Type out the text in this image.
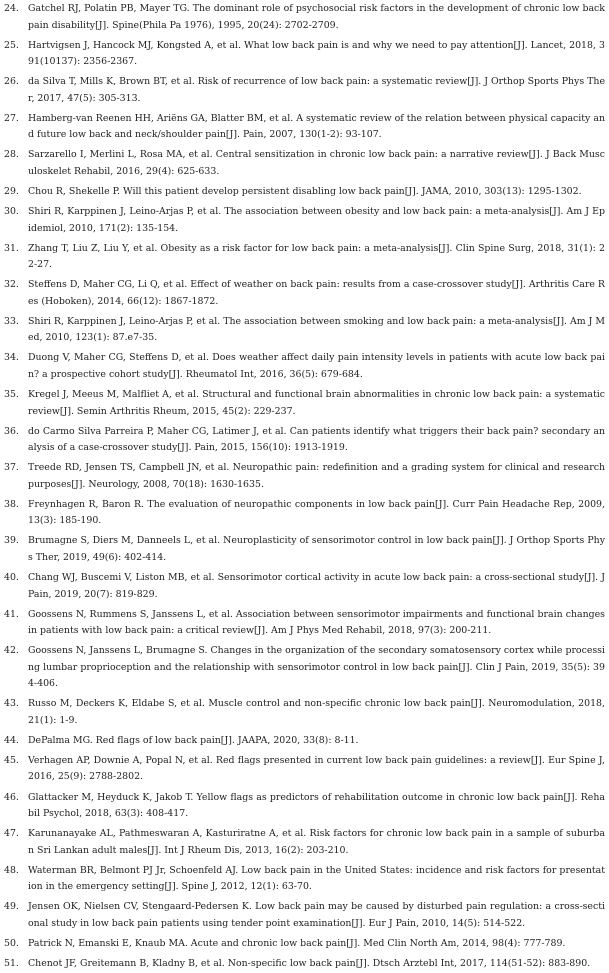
24. Gatchel RJ, Polatin PB, Mayer TG. The dominant role of psychosocial risk factors in the development of chronic low back pain disability[J]. Spine(Phila Pa 1976), 1995, 20(24): 2702-2709.
25. Hartvigsen J, Hancock MJ, Kongsted A, et al. What low back pain is and why we need to pay attention[J]. Lancet, 2018, 391(10137): 2356-2367.
26. da Silva T, Mills K, Brown BT, et al. Risk of recurrence of low back pain: a systematic review[J]. J Orthop Sports Phys Ther, 2017, 47(5): 305-313.
27. Hamberg-van Reenen HH, Ariëns GA, Blatter BM, et al. A systematic review of the relation between physical capacity and future low back and neck/shoulder pain[J]. Pain, 2007, 130(1-2): 93-107.
28. Sarzarello I, Merlini L, Rosa MA, et al. Central sensitization in chronic low back pain: a narrative review[J]. J Back Musculoskelet Rehabil, 2016, 29(4): 625-633.
29. Chou R, Shekelle P. Will this patient develop persistent disabling low back pain[J]. JAMA, 2010, 303(13): 1295-1302.
30. Shiri R, Karppinen J, Leino-Arjas P, et al. The association between obesity and low back pain: a meta-analysis[J]. Am J Epidemiol, 2010, 171(2): 135-154.
31. Zhang T, Liu Z, Liu Y, et al. Obesity as a risk factor for low back pain: a meta-analysis[J]. Clin Spine Surg, 2018, 31(1): 22-27.
32. Steffens D, Maher CG, Li Q, et al. Effect of weather on back pain: results from a case-crossover study[J]. Arthritis Care Res (Hoboken), 2014, 66(12): 1867-1872.
33. Shiri R, Karppinen J, Leino-Arjas P, et al. The association between smoking and low back pain: a meta-analysis[J]. Am J Med, 2010, 123(1): 87.e7-35.
34. Duong V, Maher CG, Steffens D, et al. Does weather affect daily pain intensity levels in patients with acute low back pain? a prospective cohort study[J]. Rheumatol Int, 2016, 36(5): 679-684.
35. Kregel J, Meeus M, Malfliet A, et al. Structural and functional brain abnormalities in chronic low back pain: a systematic review[J]. Semin Arthritis Rheum, 2015, 45(2): 229-237.
36. do Carmo Silva Parreira P, Maher CG, Latimer J, et al. Can patients identify what triggers their back pain? secondary analysis of a case-crossover study[J]. Pain, 2015, 156(10): 1913-1919.
37. Treede RD, Jensen TS, Campbell JN, et al. Neuropathic pain: redefinition and a grading system for clinical and research purposes[J]. Neurology, 2008, 70(18): 1630-1635.
38. Freynhagen R, Baron R. The evaluation of neuropathic components in low back pain[J]. Curr Pain Headache Rep, 2009, 13(3): 185-190.
39. Brumagne S, Diers M, Danneels L, et al. Neuroplasticity of sensorimotor control in low back pain[J]. J Orthop Sports Phys Ther, 2019, 49(6): 402-414.
40. Chang WJ, Buscemi V, Liston MB, et al. Sensorimotor cortical activity in acute low back pain: a cross-sectional study[J]. J Pain, 2019, 20(7): 819-829.
41. Goossens N, Rummens S, Janssens L, et al. Association between sensorimotor impairments and functional brain changes in patients with low back pain: a critical review[J]. Am J Phys Med Rehabil, 2018, 97(3): 200-211.
42. Goossens N, Janssens L, Brumagne S. Changes in the organization of the secondary somatosensory cortex while processing lumbar proprioception and the relationship with sensorimotor control in low back pain[J]. Clin J Pain, 2019, 35(5): 394-406.
43. Russo M, Deckers K, Eldabe S, et al. Muscle control and non-specific chronic low back pain[J]. Neuromodulation, 2018, 21(1): 1-9.
44. DePalma MG. Red flags of low back pain[J]. JAAPA, 2020, 33(8): 8-11.
45. Verhagen AP, Downie A, Popal N, et al. Red flags presented in current low back pain guidelines: a review[J]. Eur Spine J, 2016, 25(9): 2788-2802.
46. Glattacker M, Heyduck K, Jakob T. Yellow flags as predictors of rehabilitation outcome in chronic low back pain[J]. Rehabil Psychol, 2018, 63(3): 408-417.
47. Karunanayake AL, Pathmeswaran A, Kasturiratne A, et al. Risk factors for chronic low back pain in a sample of suburban Sri Lankan adult males[J]. Int J Rheum Dis, 2013, 16(2): 203-210.
48. Waterman BR, Belmont PJ Jr, Schoenfeld AJ. Low back pain in the United States: incidence and risk factors for presentation in the emergency setting[J]. Spine J, 2012, 12(1): 63-70.
49. Jensen OK, Nielsen CV, Stengaard-Pedersen K. Low back pain may be caused by disturbed pain regulation: a cross-sectional study in low back pain patients using tender point examination[J]. Eur J Pain, 2010, 14(5): 514-522.
50. Patrick N, Emanski E, Knaub MA. Acute and chronic low back pain[J]. Med Clin North Am, 2014, 98(4): 777-789.
51. Chenot JF, Greitemann B, Kladny B, et al. Non-specific low back pain[J]. Dtsch Arztebl Int, 2017, 114(51-52): 883-890.
